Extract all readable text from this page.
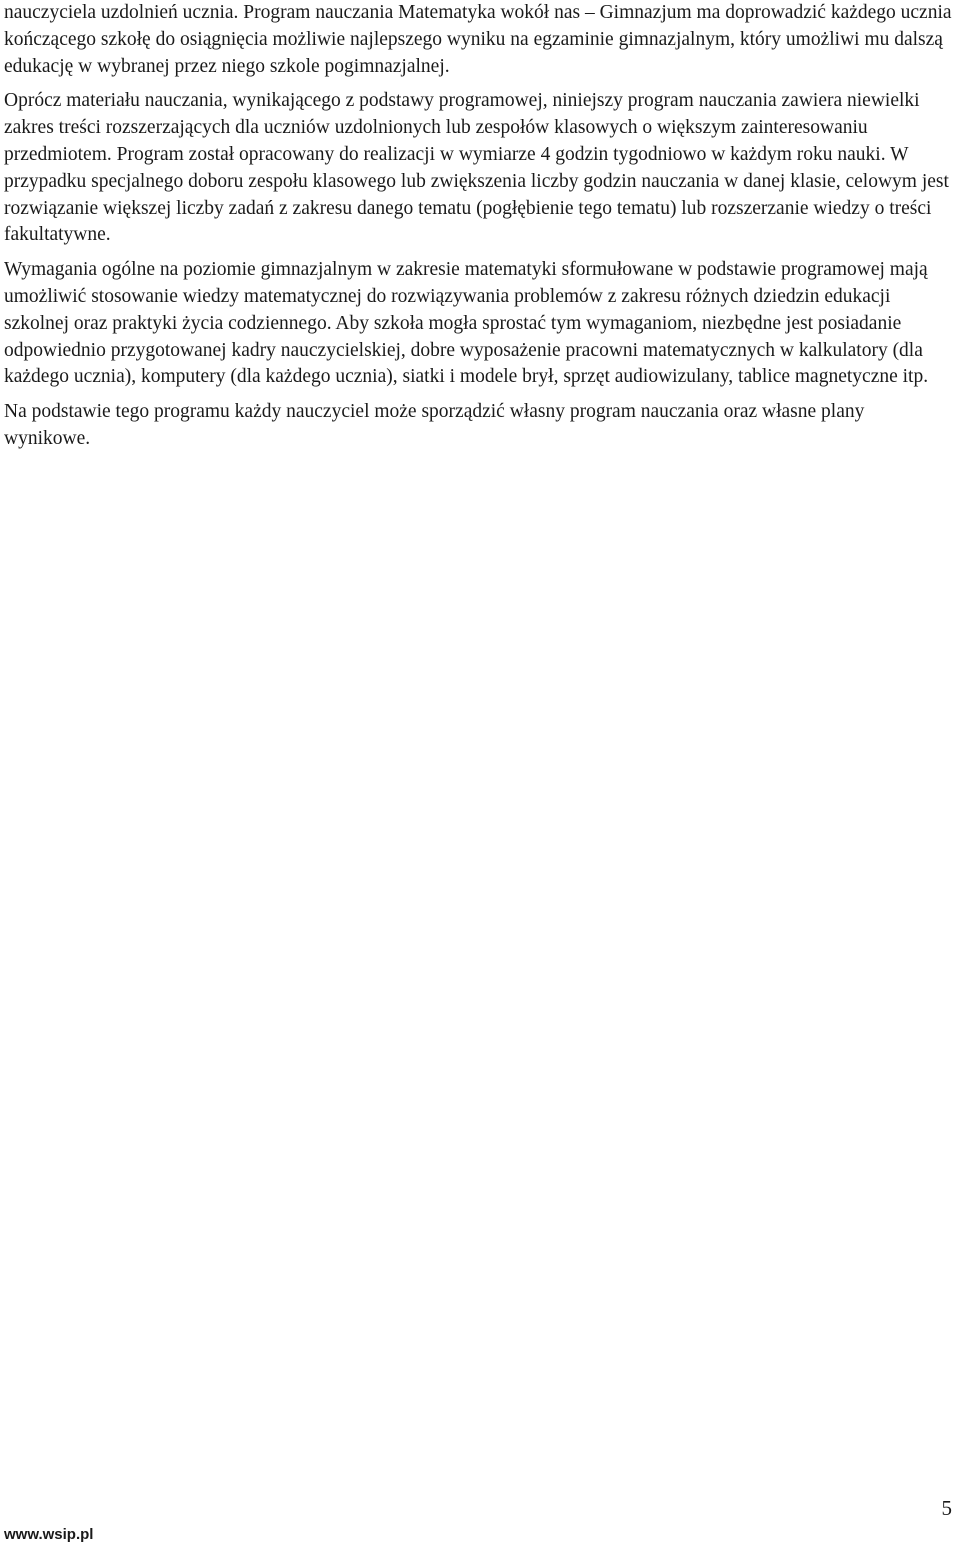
nauczyciela uzdolnień ucznia. Program nauczania Matematyka wokół nas – Gimnazjum ma doprowadzić każdego ucznia kończącego szkołę do osiągnięcia możliwie najlepszego wyniku na egzaminie gimnazjalnym, który umożliwi mu dalszą edukację w wybranej przez niego szkole pogimnazjalnej.

Oprócz materiału nauczania, wynikającego z podstawy programowej, niniejszy program nauczania zawiera niewielki zakres treści rozszerzających dla uczniów uzdolnionych lub zespołów klasowych o większym zainteresowaniu przedmiotem. Program został opracowany do realizacji w wymiarze 4 godzin tygodniowo w każdym roku nauki. W przypadku specjalnego doboru zespołu klasowego lub zwiększenia liczby godzin nauczania w danej klasie, celowym jest rozwiązanie większej liczby zadań z zakresu danego tematu (pogłębienie tego tematu) lub rozszerzanie wiedzy o treści fakultatywne.

Wymagania ogólne na poziomie gimnazjalnym w zakresie matematyki sformułowane w podstawie programowej mają umożliwić stosowanie wiedzy matematycznej do rozwiązywania problemów z zakresu różnych dziedzin edukacji szkolnej oraz praktyki życia codziennego. Aby szkoła mogła sprostać tym wymaganiom, niezbędne jest posiadanie odpowiednio przygotowanej kadry nauczycielskiej, dobre wyposażenie pracowni matematycznych w kalkulatory (dla każdego ucznia), komputery (dla każdego ucznia), siatki i modele brył, sprzęt audiowizulany, tablice magnetyczne itp.

Na podstawie tego programu każdy nauczyciel może sporządzić własny program nauczania oraz własne plany wynikowe.

www.wsip.pl
5
